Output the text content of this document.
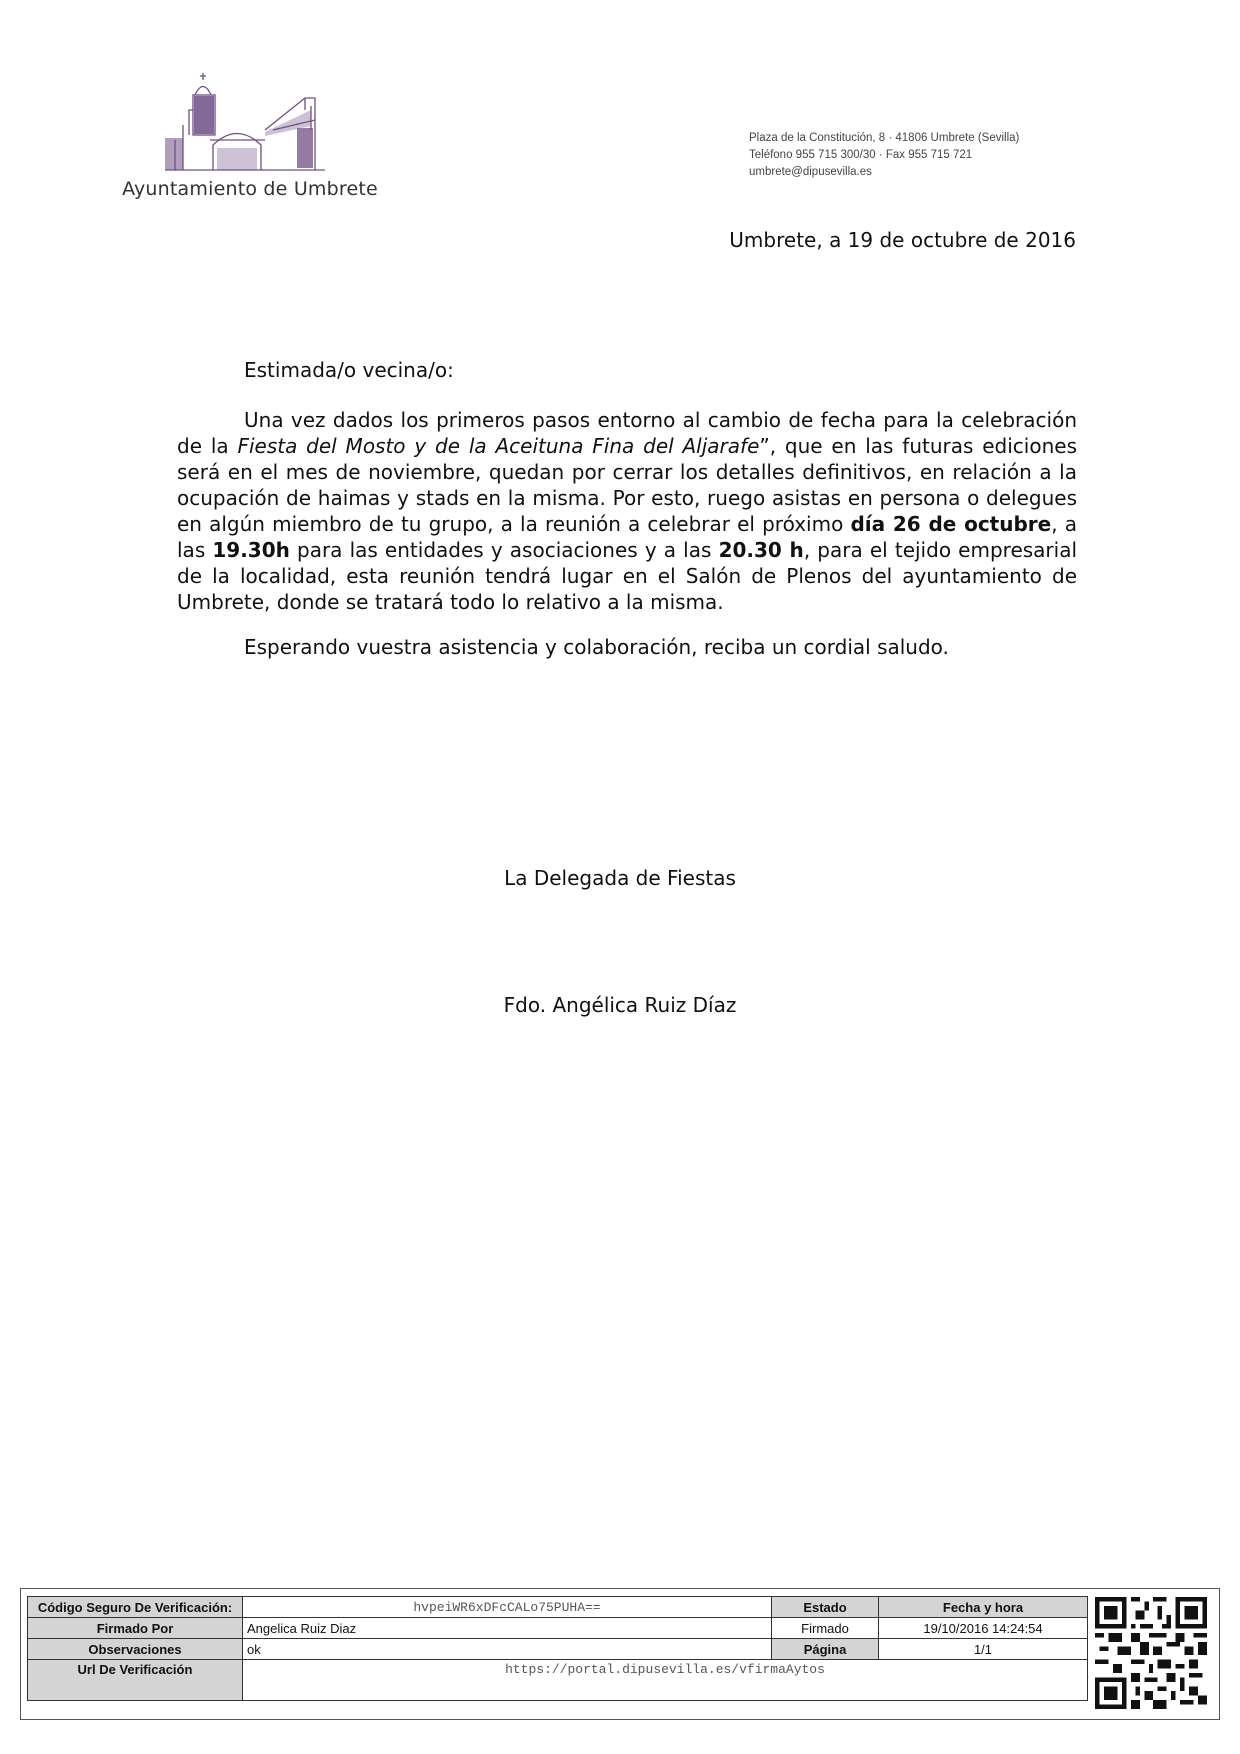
Ayuntamiento de Umbrete
Plaza de la Constitución, 8 · 41806 Umbrete (Sevilla)
Teléfono 955 715 300/30 · Fax 955 715 721
umbrete@dipusevilla.es
Umbrete, a 19 de octubre de 2016
Estimada/o vecina/o:

Una vez dados los primeros pasos entorno al cambio de fecha para la celebración de la Fiesta del Mosto y de la Aceituna Fina del Aljarafe”, que en las futuras ediciones será en el mes de noviembre, quedan por cerrar los detalles definitivos, en relación a la ocupación de haimas y stads en la misma. Por esto, ruego asistas en persona o delegues en algún miembro de tu grupo, a la reunión a celebrar el próximo día 26 de octubre, a las 19.30h para las entidades y asociaciones y a las 20.30 h, para el tejido empresarial de la localidad, esta reunión tendrá lugar en el Salón de Plenos del ayuntamiento de Umbrete, donde se tratará todo lo relativo a la misma.

Esperando vuestra asistencia y colaboración, reciba un cordial saludo.
La Delegada de Fiestas
Fdo. Angélica Ruiz Díaz
Código Seguro De Verificación:	hvpeiWR6xDFcCALo75PUHA==	Estado	Fecha y hora
Firmado Por	Angelica Ruiz Diaz	Firmado	19/10/2016 14:24:54
Observaciones	ok	Página	1/1
Url De Verificación	https://portal.dipusevilla.es/vfirmaAytos		
